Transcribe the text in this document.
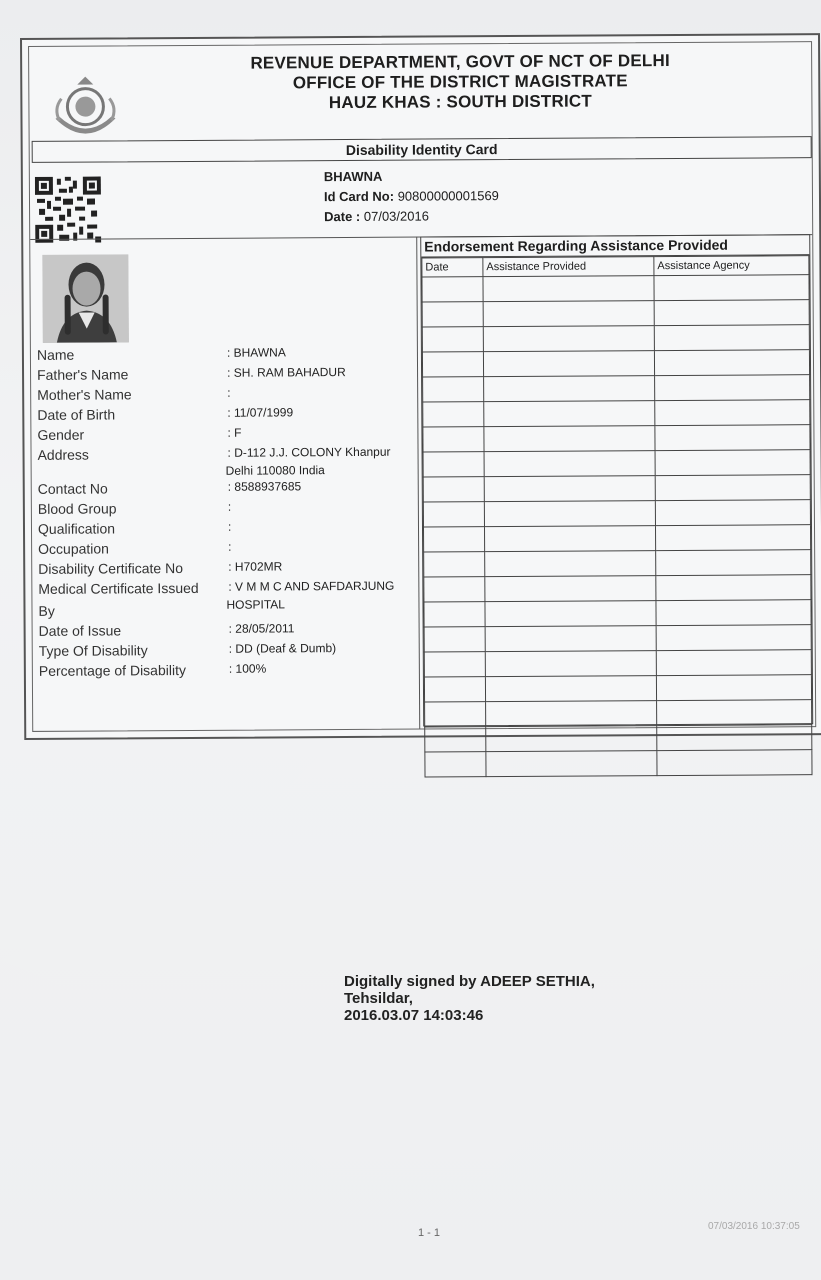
REVENUE DEPARTMENT, GOVT OF NCT OF DELHI
OFFICE OF THE DISTRICT MAGISTRATE
HAUZ KHAS : SOUTH DISTRICT
Disability Identity Card
BHAWNA
Id Card No: 90800000001569
Date : 07/03/2016
Name	: BHAWNA
Father's Name	: SH. RAM BAHADUR
Mother's Name	:
Date of Birth	: 11/07/1999
Gender	: F
Address	: D-112 J.J. COLONY Khanpur
Delhi 110080 India
Contact No	: 8588937685
Blood Group	:
Qualification	:
Occupation	:
Disability Certificate No	: H702MR
Medical Certificate Issued
By
: V M M C AND SAFDARJUNG
HOSPITAL
Date of Issue	: 28/05/2011
Type Of Disability	: DD (Deaf & Dumb)
Percentage of Disability	: 100%
Endorsement Regarding Assistance Provided
Date	Assistance Provided	Assistance Agency

Digitally signed by ADEEP SETHIA,
Tehsildar,
2016.03.07 14:03:46
1 - 1
07/03/2016 10:37:05
